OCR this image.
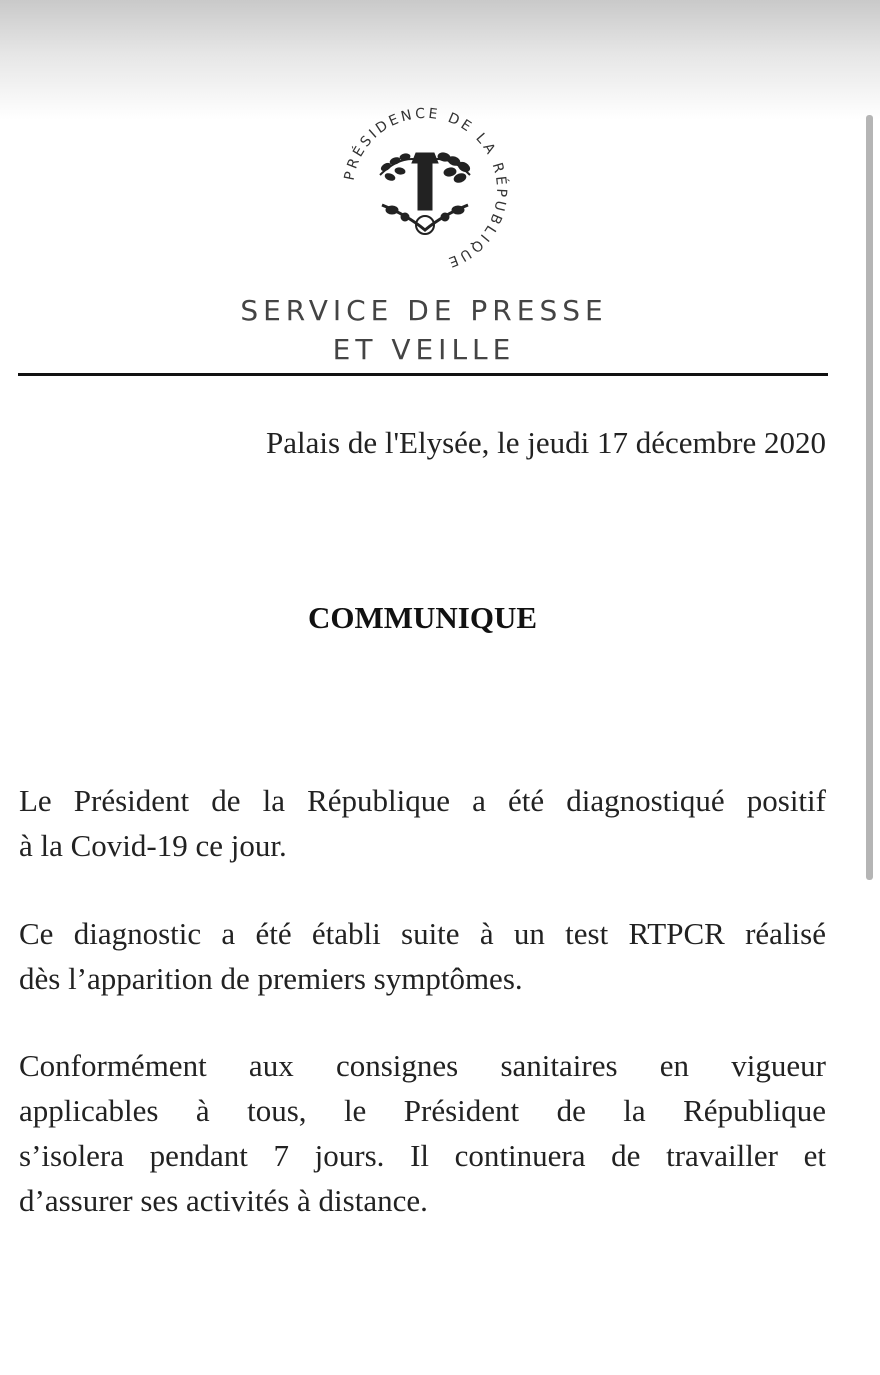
PRÉSIDENCE DE LA RÉPUBLIQUE
SERVICE DE PRESSE
ET VEILLE
Palais de l'Elysée, le jeudi 17 décembre 2020
COMMUNIQUE
Le Président de la République a été diagnostiqué positif
à la Covid-19 ce jour.
Ce diagnostic a été établi suite à un test RTPCR réalisé
dès l’apparition de premiers symptômes.
Conformément aux consignes sanitaires en vigueur
applicables à tous, le Président de la République
s’isolera pendant 7 jours. Il continuera de travailler et
d’assurer ses activités à distance.
